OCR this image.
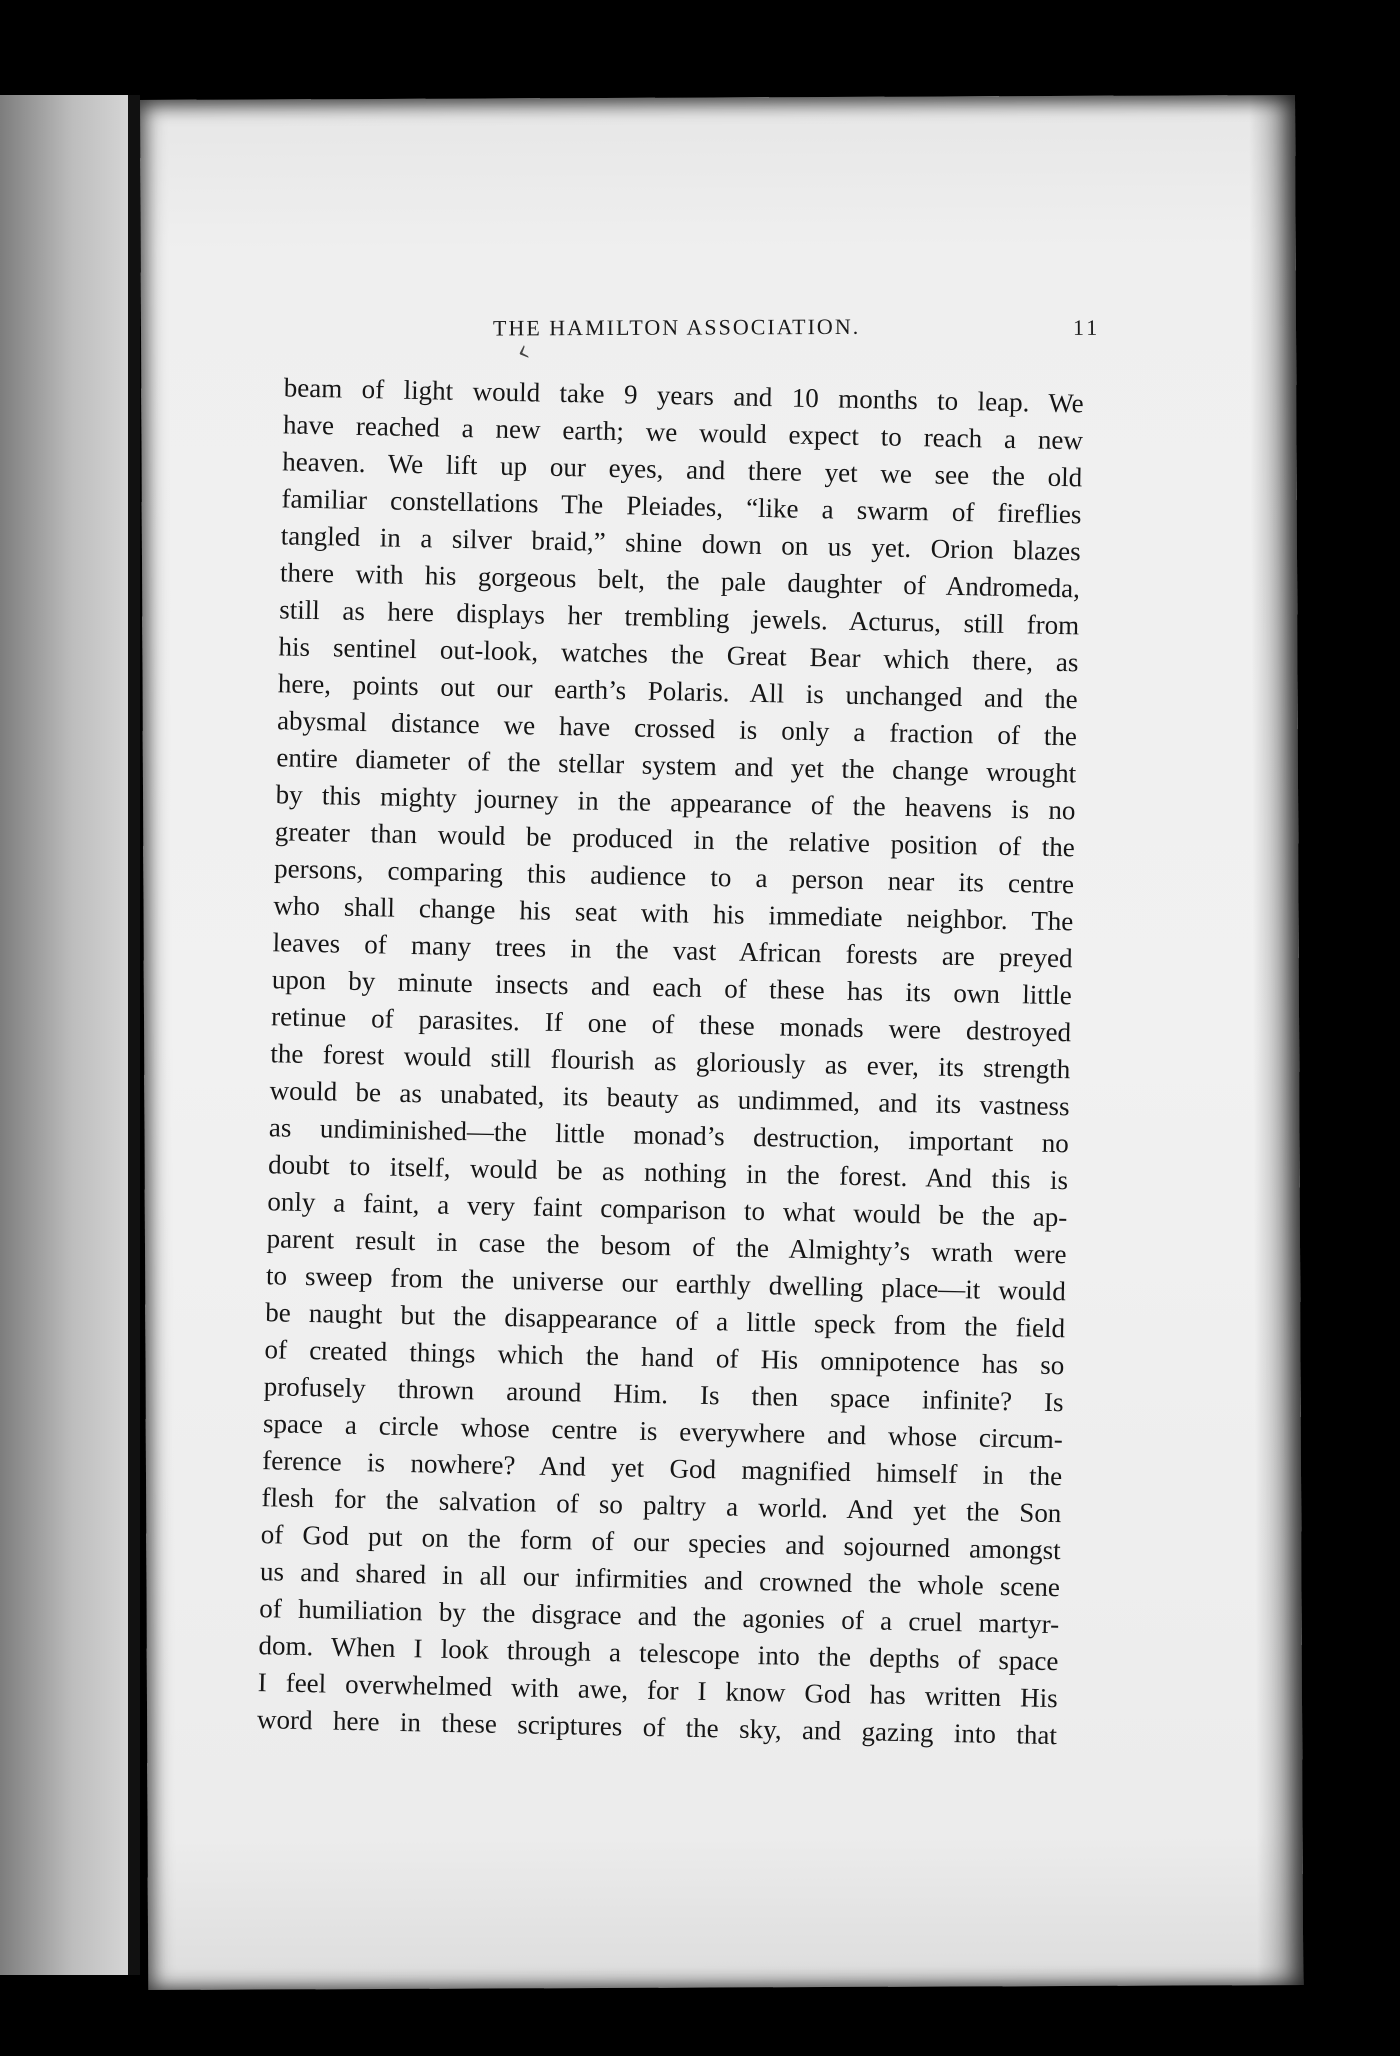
THE HAMILTON ASSOCIATION.	11
‹
beam of light would take 9 years and 10 months to leap. We
have reached a new earth; we would expect to reach a new
heaven. We lift up our eyes, and there yet we see the old
familiar constellations The Pleiades, “like a swarm of fireflies
tangled in a silver braid,” shine down on us yet. Orion blazes
there with his gorgeous belt, the pale daughter of Andromeda,
still as here displays her trembling jewels. Acturus, still from
his sentinel out-look, watches the Great Bear which there, as
here, points out our earth’s Polaris. All is unchanged and the
abysmal distance we have crossed is only a fraction of the
entire diameter of the stellar system and yet the change wrought
by this mighty journey in the appearance of the heavens is no
greater than would be produced in the relative position of the
persons, comparing this audience to a person near its centre
who shall change his seat with his immediate neighbor. The
leaves of many trees in the vast African forests are preyed
upon by minute insects and each of these has its own little
retinue of parasites. If one of these monads were destroyed
the forest would still flourish as gloriously as ever, its strength
would be as unabated, its beauty as undimmed, and its vastness
as undiminished—the little monad’s destruction, important no
doubt to itself, would be as nothing in the forest. And this is
only a faint, a very faint comparison to what would be the ap-
parent result in case the besom of the Almighty’s wrath were
to sweep from the universe our earthly dwelling place—it would
be naught but the disappearance of a little speck from the field
of created things which the hand of His omnipotence has so
profusely thrown around Him. Is then space infinite? Is
space a circle whose centre is everywhere and whose circum-
ference is nowhere? And yet God magnified himself in the
flesh for the salvation of so paltry a world. And yet the Son
of God put on the form of our species and sojourned amongst
us and shared in all our infirmities and crowned the whole scene
of humiliation by the disgrace and the agonies of a cruel martyr-
dom. When I look through a telescope into the depths of space
I feel overwhelmed with awe, for I know God has written His
word here in these scriptures of the sky, and gazing into that
